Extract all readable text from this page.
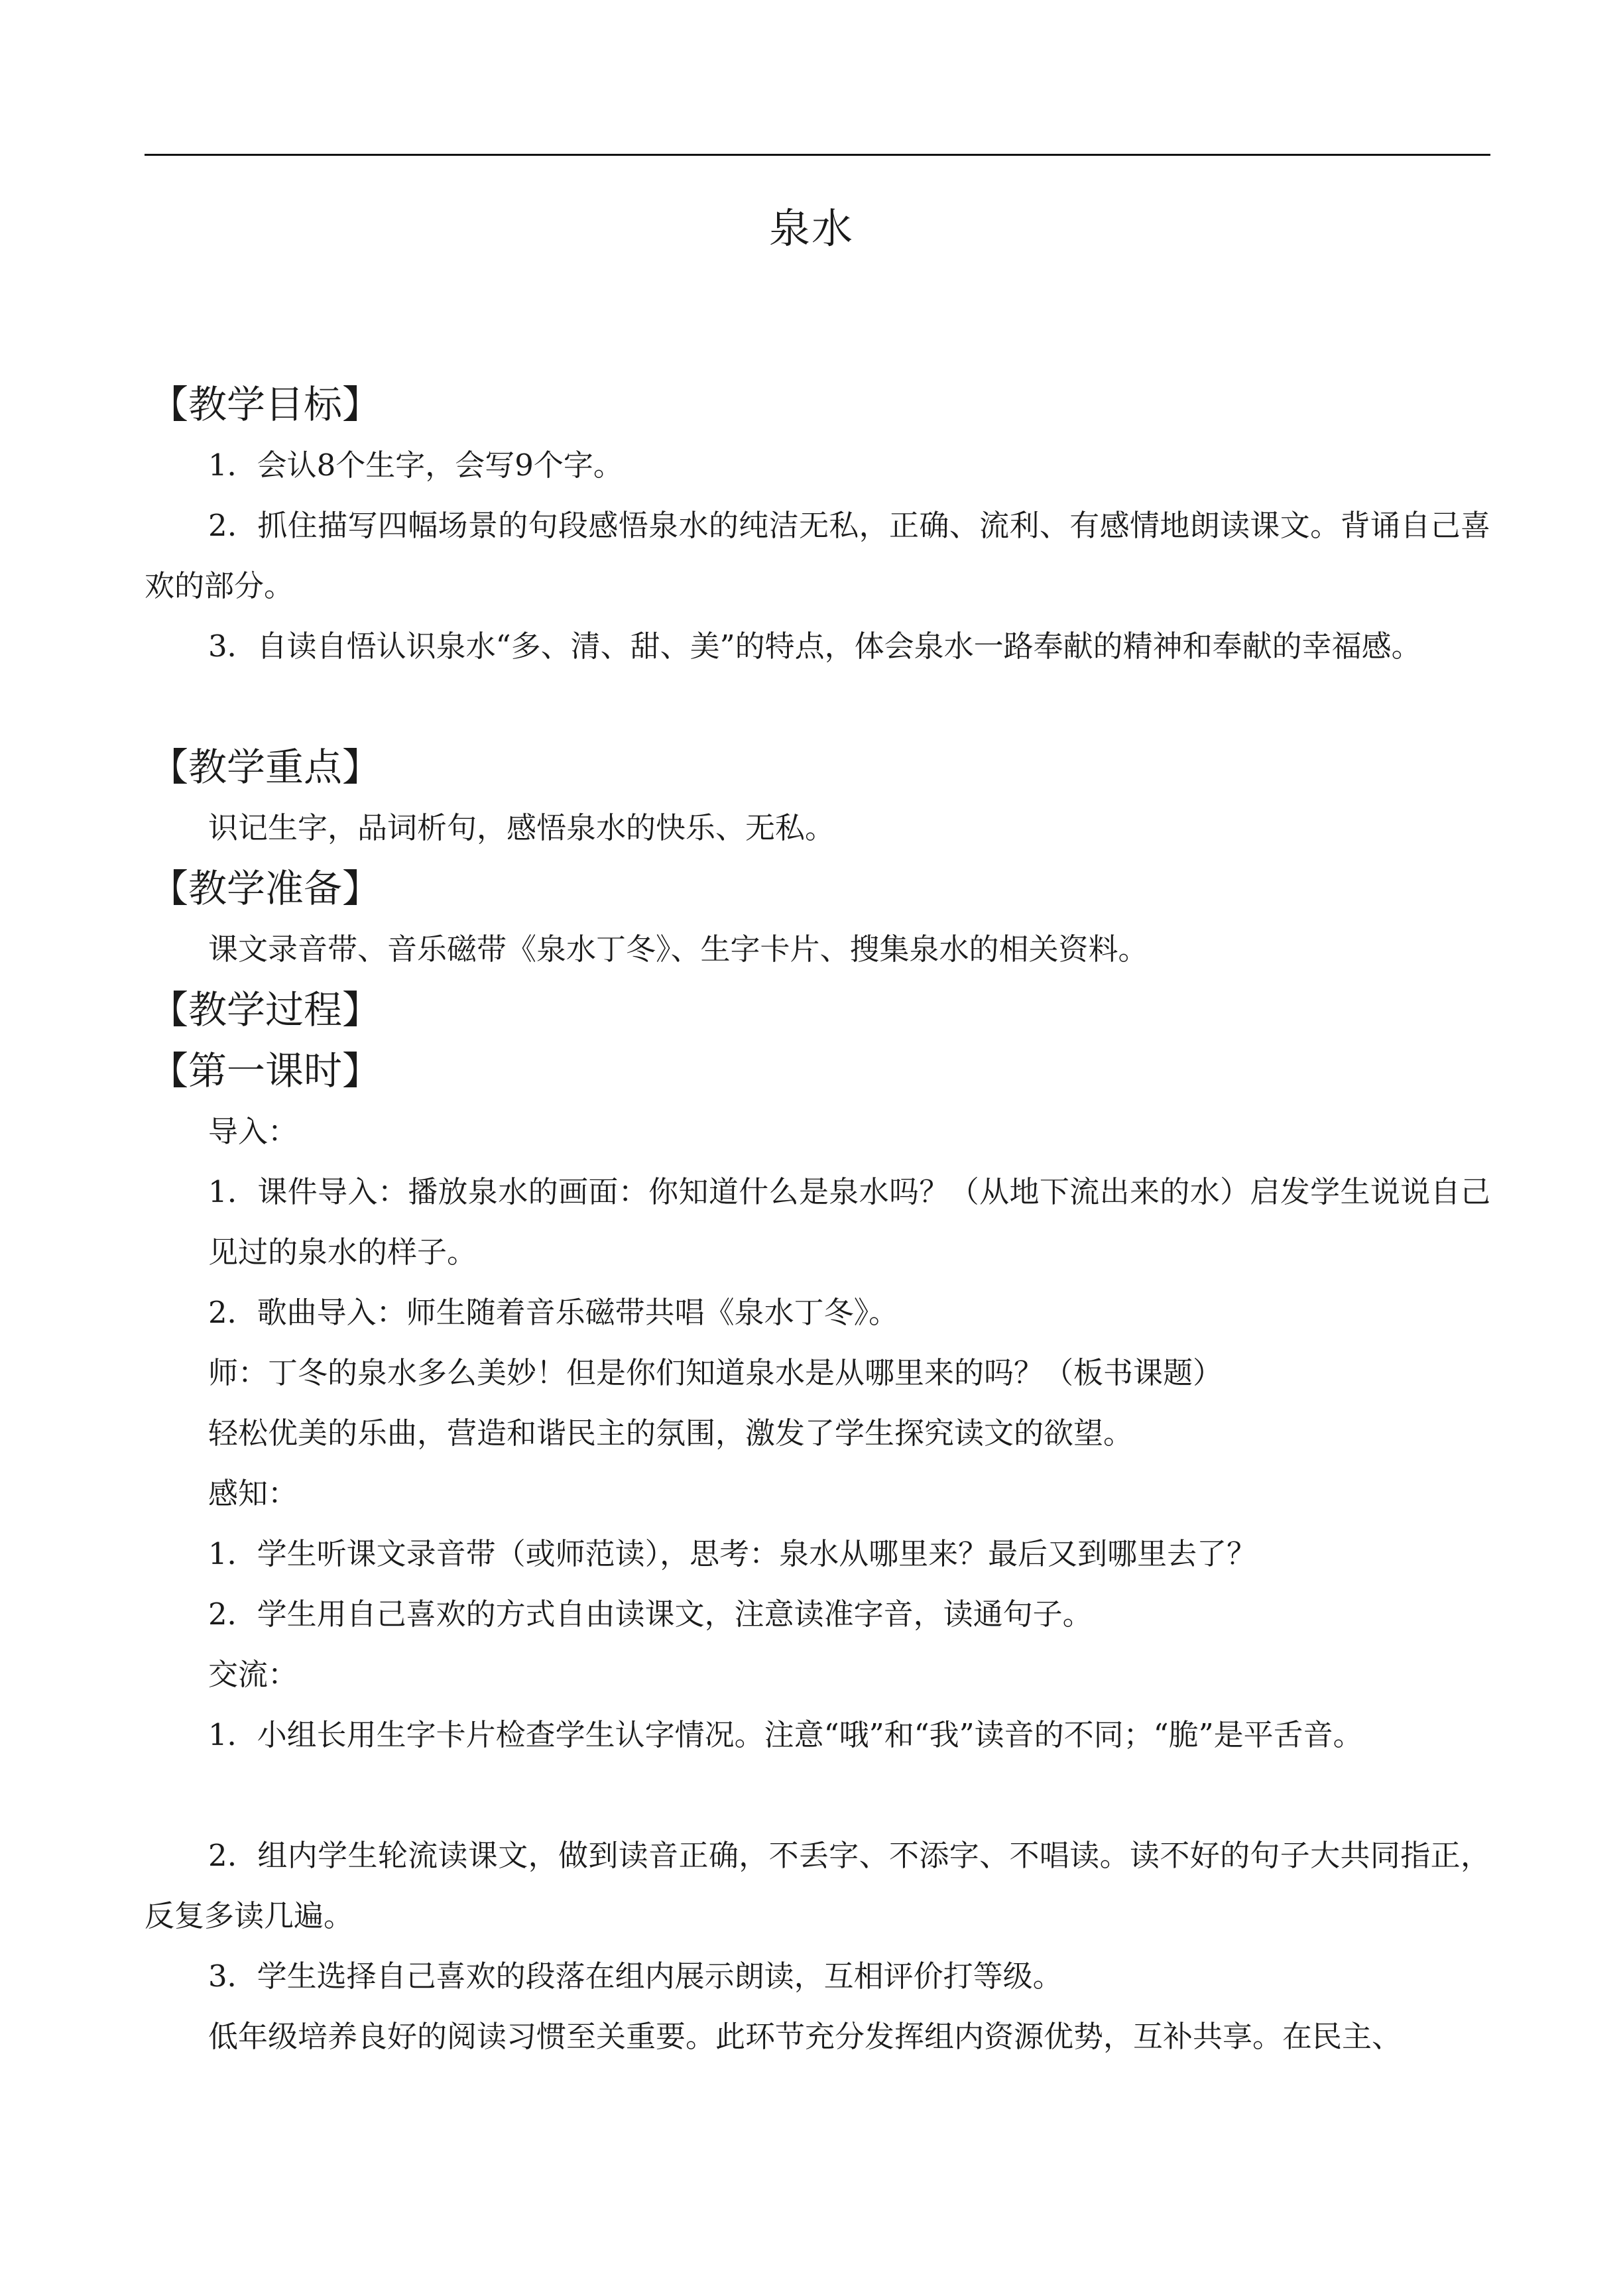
泉水
【教学目标】
1．会认8个生字，会写9个字。
2．抓住描写四幅场景的句段感悟泉水的纯洁无私，正确、流利、有感情地朗读课文。背诵自己喜欢的部分。
3．自读自悟认识泉水“多、清、甜、美”的特点，体会泉水一路奉献的精神和奉献的幸福感。
【教学重点】
识记生字，品词析句，感悟泉水的快乐、无私。
【教学准备】
课文录音带、音乐磁带《泉水丁冬》、生字卡片、搜集泉水的相关资料。
【教学过程】
【第一课时】
导入：
1．课件导入：播放泉水的画面：你知道什么是泉水吗？（从地下流出来的水）启发学生说说自己见过的泉水的样子。
2．歌曲导入：师生随着音乐磁带共唱《泉水丁冬》。
师：丁冬的泉水多么美妙！但是你们知道泉水是从哪里来的吗？（板书课题）
轻松优美的乐曲，营造和谐民主的氛围，激发了学生探究读文的欲望。
感知：
1．学生听课文录音带（或师范读），思考：泉水从哪里来？最后又到哪里去了？
2．学生用自己喜欢的方式自由读课文，注意读准字音，读通句子。
交流：
1．小组长用生字卡片检查学生认字情况。注意“哦”和“我”读音的不同；“脆”是平舌音。
2．组内学生轮流读课文，做到读音正确，不丢字、不添字、不唱读。读不好的句子大共同指正，反复多读几遍。
3．学生选择自己喜欢的段落在组内展示朗读，互相评价打等级。
低年级培养良好的阅读习惯至关重要。此环节充分发挥组内资源优势，互补共享。在民主、
